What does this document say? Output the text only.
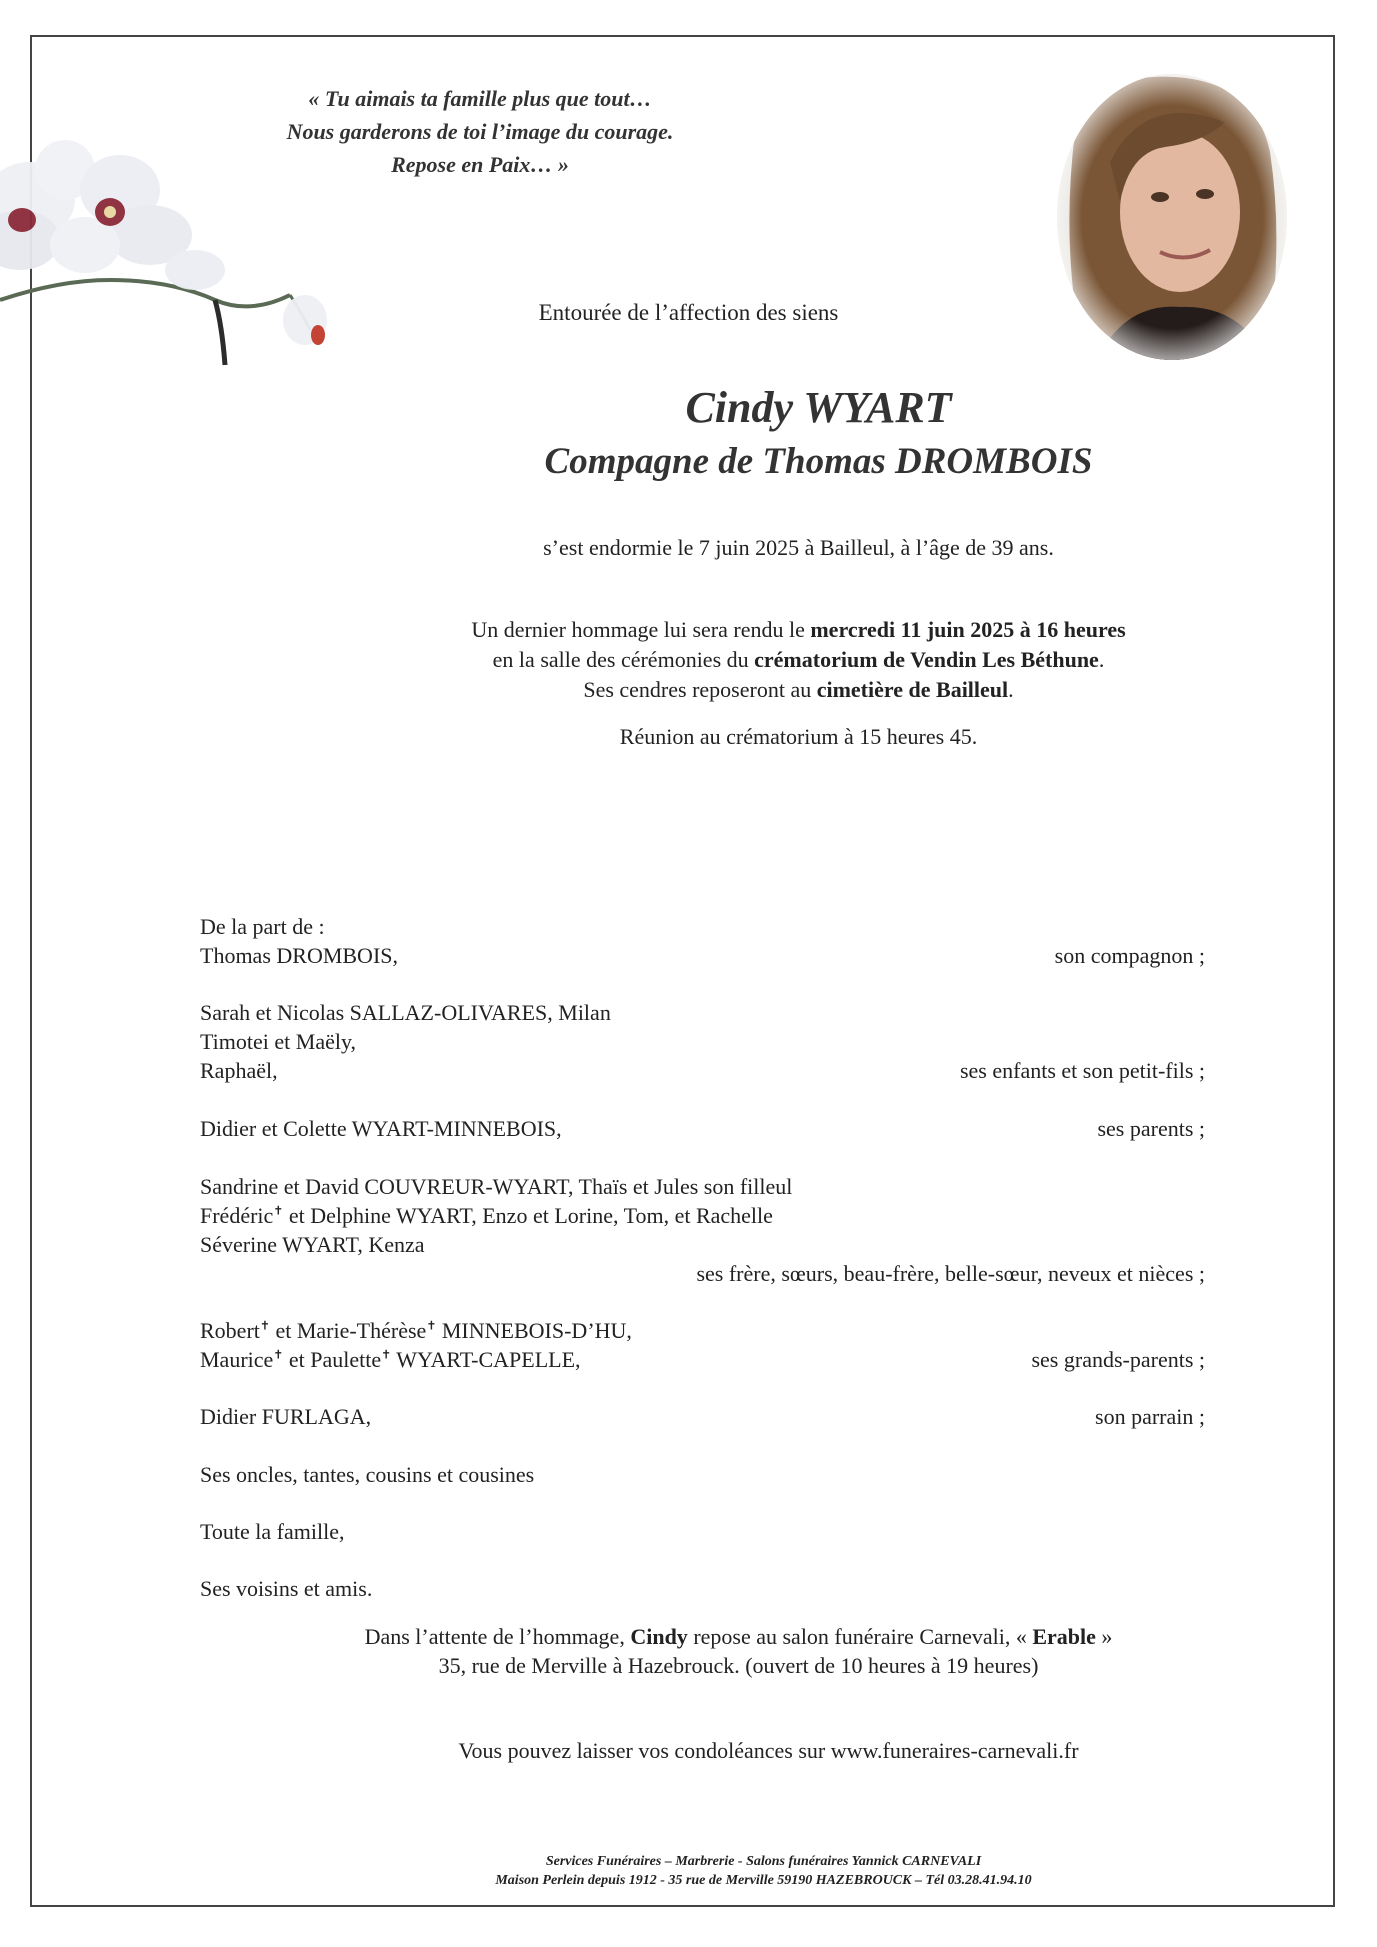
« Tu aimais ta famille plus que tout…
Nous garderons de toi l’image du courage.
Repose en Paix… »
Entourée de l’affection des siens
Cindy WYART
Compagne de Thomas DROMBOIS
s’est endormie le 7 juin 2025 à Bailleul, à l’âge de 39 ans.
Un dernier hommage lui sera rendu le mercredi 11 juin 2025 à 16 heures
en la salle des cérémonies du crématorium de Vendin Les Béthune.
Ses cendres reposeront au cimetière de Bailleul.
Réunion au crématorium à 15 heures 45.
De la part de :
Thomas DROMBOIS,	son compagnon ;
Sarah et Nicolas SALLAZ-OLIVARES, Milan
Timotei et Maëly,
Raphaël,	ses enfants et son petit-fils ;
Didier et Colette WYART-MINNEBOIS,	ses parents ;
Sandrine et David COUVREUR-WYART, Thaïs et Jules son filleul
Frédéric✝ et Delphine WYART, Enzo et Lorine, Tom, et Rachelle
Séverine WYART, Kenza
ses frère, sœurs, beau-frère, belle-sœur, neveux et nièces ;
Robert✝ et Marie-Thérèse✝ MINNEBOIS-D’HU,
Maurice✝ et Paulette✝ WYART-CAPELLE,	ses grands-parents ;
Didier FURLAGA,	son parrain ;
Ses oncles, tantes, cousins et cousines
Toute la famille,
Ses voisins et amis.
Dans l’attente de l’hommage, Cindy repose au salon funéraire Carnevali, « Erable »
35, rue de Merville à Hazebrouck. (ouvert de 10 heures à 19 heures)
Vous pouvez laisser vos condoléances sur www.funeraires-carnevali.fr
Services Funéraires – Marbrerie - Salons funéraires Yannick CARNEVALI
Maison Perlein depuis 1912 - 35 rue de Merville 59190 HAZEBROUCK – Tél 03.28.41.94.10
